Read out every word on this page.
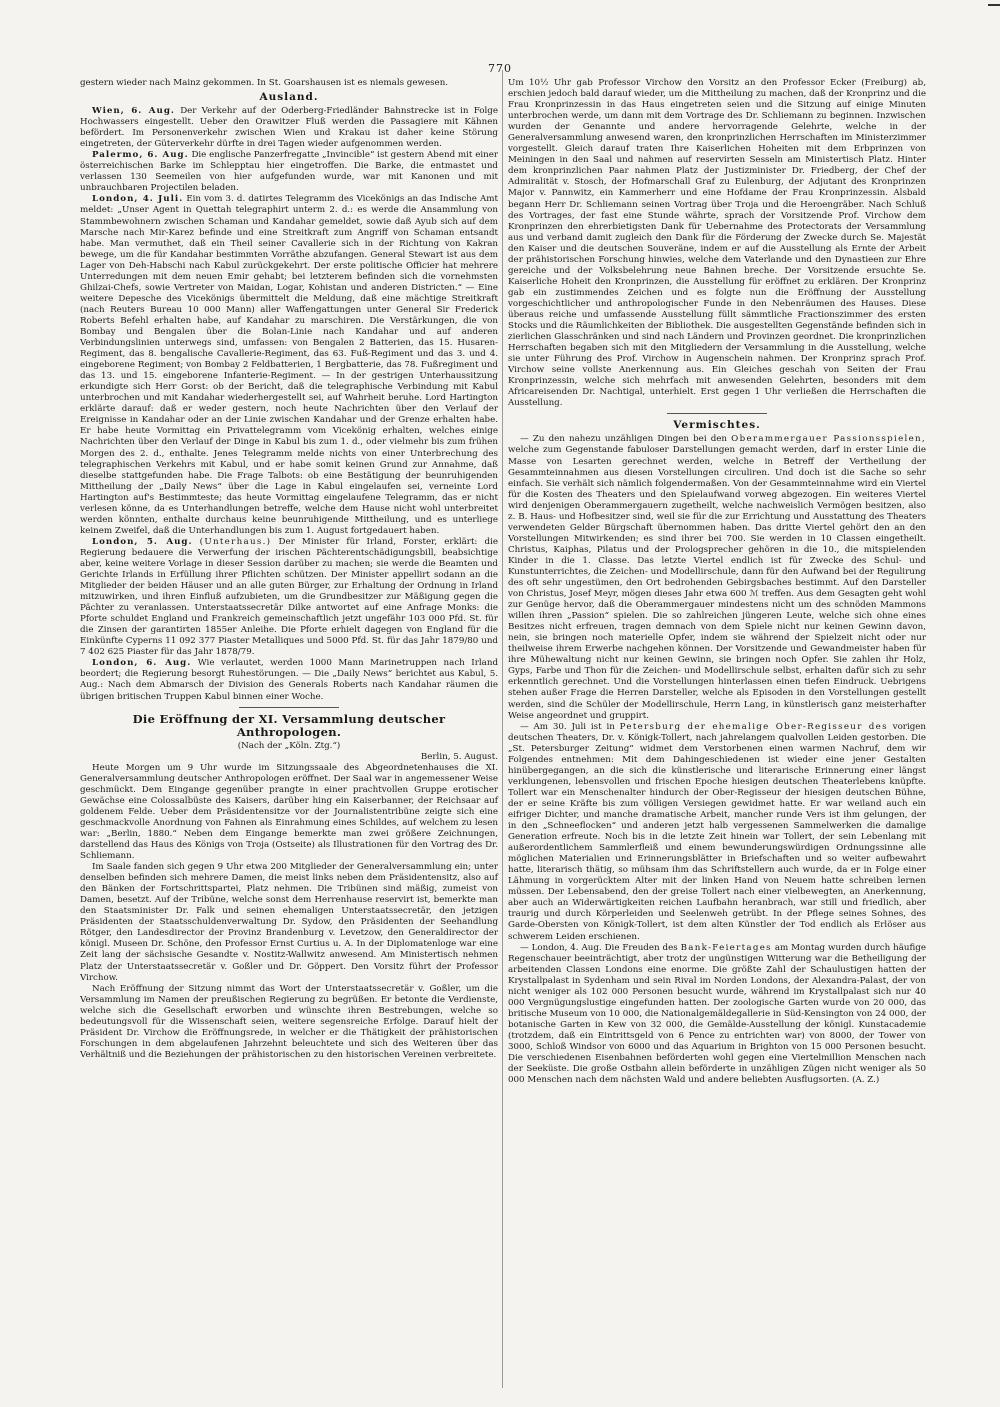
770

gestern wieder nach Mainz gekommen. In St. Goarshausen ist es niemals gewesen.

Ausland.

Wien, 6. Aug. Der Verkehr auf der Oderberg-Friedländer Bahnstrecke ist in Folge Hochwassers eingestellt. Ueber den Orawitzer Fluß werden die Passagiere mit Kähnen befördert. Im Personenverkehr zwischen Wien und Krakau ist daher keine Störung eingetreten, der Güterverkehr dürfte in drei Tagen wieder aufgenommen werden.

Palermo, 6. Aug. Die englische Panzerfregatte „Invincible“ ist gestern Abend mit einer österreichischen Barke im Schlepptau hier eingetroffen. Die Barke, die entmastet und verlassen 130 Seemeilen von hier aufgefunden wurde, war mit Kanonen und mit unbrauchbaren Projectilen beladen.

London, 4. Juli. Ein vom 3. d. datirtes Telegramm des Vicekönigs an das Indische Amt meldet: „Unser Agent in Quettah telegraphirt unterm 2. d.: es werde die Ansammlung von Stammbewohnern zwischen Schaman und Kandahar gemeldet, sowie daß Ayub sich auf dem Marsche nach Mir-Karez befinde und eine Streitkraft zum Angriff von Schaman entsandt habe. Man vermuthet, daß ein Theil seiner Cavallerie sich in der Richtung von Kakran bewege, um die für Kandahar bestimmten Vorräthe abzufangen. General Stewart ist aus dem Lager von Deh-Habschi nach Kabul zurückgekehrt. Der erste politische Officier hat mehrere Unterredungen mit dem neuen Emir gehabt; bei letzterem befinden sich die vornehmsten Ghilzai-Chefs, sowie Vertreter von Maidan, Logar, Kohistan und anderen Districten.“ — Eine weitere Depesche des Vicekönigs übermittelt die Meldung, daß eine mächtige Streitkraft (nach Reuters Bureau 10 000 Mann) aller Waffengattungen unter General Sir Frederick Roberts Befehl erhalten habe, auf Kandahar zu marschiren. Die Verstärkungen, die von Bombay und Bengalen über die Bolan-Linie nach Kandahar und auf anderen Verbindungslinien unterwegs sind, umfassen: von Bengalen 2 Batterien, das 15. Husaren-Regiment, das 8. bengalische Cavallerie-Regiment, das 63. Fuß-Regiment und das 3. und 4. eingeborene Regiment; von Bombay 2 Feldbatterien, 1 Bergbatterie, das 78. Fußregiment und das 13. und 15. eingeborene Infanterie-Regiment. — In der gestrigen Unterhaussitzung erkundigte sich Herr Gorst: ob der Bericht, daß die telegraphische Verbindung mit Kabul unterbrochen und mit Kandahar wiederhergestellt sei, auf Wahrheit beruhe. Lord Hartington erklärte darauf: daß er weder gestern, noch heute Nachrichten über den Verlauf der Ereignisse in Kandahar oder an der Linie zwischen Kandahar und der Grenze erhalten habe. Er habe heute Vormittag ein Privattelegramm vom Vicekönig erhalten, welches einige Nachrichten über den Verlauf der Dinge in Kabul bis zum 1. d., oder vielmehr bis zum frühen Morgen des 2. d., enthalte. Jenes Telegramm melde nichts von einer Unterbrechung des telegraphischen Verkehrs mit Kabul, und er habe somit keinen Grund zur Annahme, daß dieselbe stattgefunden habe. Die Frage Talbots: ob eine Bestätigung der beunruhigenden Mittheilung der „Daily News“ über die Lage in Kabul eingelaufen sei, verneinte Lord Hartington auf's Bestimmteste; das heute Vormittag eingelaufene Telegramm, das er nicht verlesen könne, da es Unterhandlungen betreffe, welche dem Hause nicht wohl unterbreitet werden könnten, enthalte durchaus keine beunruhigende Mittheilung, und es unterliege keinem Zweifel, daß die Unterhandlungen bis zum 1. August fortgedauert haben.

London, 5. Aug. (Unterhaus.) Der Minister für Irland, Forster, erklärt: die Regierung bedauere die Verwerfung der irischen Pächterentschädigungsbill, beabsichtige aber, keine weitere Vorlage in dieser Session darüber zu machen; sie werde die Beamten und Gerichte Irlands in Erfüllung ihrer Pflichten schützen. Der Minister appellirt sodann an die Mitglieder der beiden Häuser und an alle guten Bürger, zur Erhaltung der Ordnung in Irland mitzuwirken, und ihren Einfluß aufzubieten, um die Grundbesitzer zur Mäßigung gegen die Pächter zu veranlassen. Unterstaatssecretär Dilke antwortet auf eine Anfrage Monks: die Pforte schuldet England und Frankreich gemeinschaftlich jetzt ungefähr 103 000 Pfd. St. für die Zinsen der garantirten 1855er Anleihe. Die Pforte erhielt dagegen von England für die Einkünfte Cyperns 11 092 377 Piaster Metalliques und 5000 Pfd. St. für das Jahr 1879/80 und 7 402 625 Piaster für das Jahr 1878/79.

London, 6. Aug. Wie verlautet, werden 1000 Mann Marinetruppen nach Irland beordert; die Regierung besorgt Ruhestörungen. — Die „Daily News“ berichtet aus Kabul, 5. Aug.: Nach dem Abmarsch der Division des Generals Roberts nach Kandahar räumen die übrigen britischen Truppen Kabul binnen einer Woche.

Die Eröffnung der XI. Versammlung deutscher Anthropologen.

(Nach der „Köln. Ztg.“)

Berlin, 5. August.

Heute Morgen um 9 Uhr wurde im Sitzungssaale des Abgeordnetenhauses die XI. Generalversammlung deutscher Anthropologen eröffnet. Der Saal war in angemessener Weise geschmückt. Dem Eingange gegenüber prangte in einer prachtvollen Gruppe erotischer Gewächse eine Colossalbüste des Kaisers, darüber hing ein Kaiserbanner, der Reichsaar auf goldenem Felde. Ueber dem Präsidentensitze vor der Journalistentribüne zeigte sich eine geschmackvolle Anordnung von Fahnen als Einrahmung eines Schildes, auf welchem zu lesen war: „Berlin, 1880.“ Neben dem Eingange bemerkte man zwei größere Zeichnungen, darstellend das Haus des Königs von Troja (Ostseite) als Illustrationen für den Vortrag des Dr. Schliemann.

Im Saale fanden sich gegen 9 Uhr etwa 200 Mitglieder der Generalversammlung ein; unter denselben befinden sich mehrere Damen, die meist links neben dem Präsidentensitz, also auf den Bänken der Fortschrittspartei, Platz nehmen. Die Tribünen sind mäßig, zumeist von Damen, besetzt. Auf der Tribüne, welche sonst dem Herrenhause reservirt ist, bemerkte man den Staatsminister Dr. Falk und seinen ehemaligen Unterstaatssecretär, den jetzigen Präsidenten der Staatsschuldenverwaltung Dr. Sydow, den Präsidenten der Seehandlung Rötger, den Landesdirector der Provinz Brandenburg v. Levetzow, den Generaldirector der königl. Museen Dr. Schöne, den Professor Ernst Curtius u. A. In der Diplomatenloge war eine Zeit lang der sächsische Gesandte v. Nostitz-Wallwitz anwesend. Am Ministertisch nehmen Platz der Unterstaatssecretär v. Goßler und Dr. Göppert. Den Vorsitz führt der Professor Virchow.

Nach Eröffnung der Sitzung nimmt das Wort der Unterstaatssecretär v. Goßler, um die Versammlung im Namen der preußischen Regierung zu begrüßen. Er betonte die Verdienste, welche sich die Gesellschaft erworben und wünschte ihren Bestrebungen, welche so bedeutungsvoll für die Wissenschaft seien, weitere segensreiche Erfolge. Darauf hielt der Präsident Dr. Virchow die Eröffnungsrede, in welcher er die Thätigkeit der prähistorischen Forschungen in dem abgelaufenen Jahrzehnt beleuchtete und sich des Weiteren über das Verhältniß und die Beziehungen der prähistorischen zu den historischen Vereinen verbreitete.

Um 10½ Uhr gab Professor Virchow den Vorsitz an den Professor Ecker (Freiburg) ab, erschien jedoch bald darauf wieder, um die Mittheilung zu machen, daß der Kronprinz und die Frau Kronprinzessin in das Haus eingetreten seien und die Sitzung auf einige Minuten unterbrochen werde, um dann mit dem Vortrage des Dr. Schliemann zu beginnen. Inzwischen wurden der Genannte und andere hervorragende Gelehrte, welche in der Generalversammlung anwesend waren, den kronprinzlichen Herrschaften im Ministerzimmer vorgestellt. Gleich darauf traten Ihre Kaiserlichen Hoheiten mit dem Erbprinzen von Meiningen in den Saal und nahmen auf reservirten Sesseln am Ministertisch Platz. Hinter dem kronprinzlichen Paar nahmen Platz der Justizminister Dr. Friedberg, der Chef der Admiralität v. Stosch, der Hofmarschall Graf zu Eulenburg, der Adjutant des Kronprinzen Major v. Pannwitz, ein Kammerherr und eine Hofdame der Frau Kronprinzessin. Alsbald begann Herr Dr. Schliemann seinen Vortrag über Troja und die Heroengräber. Nach Schluß des Vortrages, der fast eine Stunde währte, sprach der Vorsitzende Prof. Virchow dem Kronprinzen den ehrerbietigsten Dank für Uebernahme des Protectorats der Versammlung aus und verband damit zugleich den Dank für die Förderung der Zwecke durch Se. Majestät den Kaiser und die deutschen Souveräne, indem er auf die Ausstellung als Ernte der Arbeit der prähistorischen Forschung hinwies, welche dem Vaterlande und den Dynastieen zur Ehre gereiche und der Volksbelehrung neue Bahnen breche. Der Vorsitzende ersuchte Se. Kaiserliche Hoheit den Kronprinzen, die Ausstellung für eröffnet zu erklären. Der Kronprinz gab ein zustimmendes Zeichen und es folgte nun die Eröffnung der Ausstellung vorgeschichtlicher und anthropologischer Funde in den Nebenräumen des Hauses. Diese überaus reiche und umfassende Ausstellung füllt sämmtliche Fractionszimmer des ersten Stocks und die Räumlichkeiten der Bibliothek. Die ausgestellten Gegenstände befinden sich in zierlichen Glasschränken und sind nach Ländern und Provinzen geordnet. Die kronprinzlichen Herrschaften begaben sich mit den Mitgliedern der Versammlung in die Ausstellung, welche sie unter Führung des Prof. Virchow in Augenschein nahmen. Der Kronprinz sprach Prof. Virchow seine vollste Anerkennung aus. Ein Gleiches geschah von Seiten der Frau Kronprinzessin, welche sich mehrfach mit anwesenden Gelehrten, besonders mit dem Africareisenden Dr. Nachtigal, unterhielt. Erst gegen 1 Uhr verließen die Herrschaften die Ausstellung.

Vermischtes.

— Zu den nahezu unzähligen Dingen bei den Oberammergauer Passionsspielen, welche zum Gegenstande fabuloser Darstellungen gemacht werden, darf in erster Linie die Masse von Lesarten gerechnet werden, welche in Betreff der Vertheilung der Gesammteinnahmen aus diesen Vorstellungen circuliren. Und doch ist die Sache so sehr einfach. Sie verhält sich nämlich folgendermaßen. Von der Gesammteinnahme wird ein Viertel für die Kosten des Theaters und den Spielaufwand vorweg abgezogen. Ein weiteres Viertel wird denjenigen Oberammergauern zugetheilt, welche nachweislich Vermögen besitzen, also z. B. Haus- und Hofbesitzer sind, weil sie für die zur Errichtung und Ausstattung des Theaters verwendeten Gelder Bürgschaft übernommen haben. Das dritte Viertel gehört den an den Vorstellungen Mitwirkenden; es sind ihrer bei 700. Sie werden in 10 Classen eingetheilt. Christus, Kaiphas, Pilatus und der Prologsprecher gehören in die 10., die mitspielenden Kinder in die 1. Classe. Das letzte Viertel endlich ist für Zwecke des Schul- und Kunstunterrichtes, die Zeichen- und Modellirschule, dann für den Aufwand bei der Regulirung des oft sehr ungestümen, den Ort bedrohenden Gebirgsbaches bestimmt. Auf den Darsteller von Christus, Josef Meyr, mögen dieses Jahr etwa 600 ℳ treffen. Aus dem Gesagten geht wohl zur Genüge hervor, daß die Oberammergauer mindestens nicht um des schnöden Mammons willen ihren „Passion“ spielen. Die so zahlreichen jüngeren Leute, welche sich ohne eines Besitzes nicht erfreuen, tragen demnach von dem Spiele nicht nur keinen Gewinn davon, nein, sie bringen noch materielle Opfer, indem sie während der Spielzeit nicht oder nur theilweise ihrem Erwerbe nachgehen können. Der Vorsitzende und Gewandmeister haben für ihre Mühewaltung nicht nur keinen Gewinn, sie bringen noch Opfer. Sie zahlen ihr Holz, Gyps, Farbe und Thon für die Zeichen- und Modellirschule selbst, erhalten dafür sich zu sehr erkenntlich gerechnet. Und die Vorstellungen hinterlassen einen tiefen Eindruck. Uebrigens stehen außer Frage die Herren Darsteller, welche als Episoden in den Vorstellungen gestellt werden, sind die Schüler der Modellirschule, Herrn Lang, in künstlerisch ganz meisterhafter Weise angeordnet und gruppirt.

— Am 30. Juli ist in Petersburg der ehemalige Ober-Regisseur des vorigen deutschen Theaters, Dr. v. Königk-Tollert, nach jahrelangem qualvollen Leiden gestorben. Die „St. Petersburger Zeitung“ widmet dem Verstorbenen einen warmen Nachruf, dem wir Folgendes entnehmen: Mit dem Dahingeschiedenen ist wieder eine jener Gestalten hinübergegangen, an die sich die künstlerische und literarische Erinnerung einer längst verklungenen, lebensvollen und frischen Epoche hiesigen deutschen Theaterlebens knüpfte. Tollert war ein Menschenalter hindurch der Ober-Regisseur der hiesigen deutschen Bühne, der er seine Kräfte bis zum völligen Versiegen gewidmet hatte. Er war weiland auch ein eifriger Dichter, und manche dramatische Arbeit, mancher runde Vers ist ihm gelungen, der in den „Schneeflocken“ und anderen jetzt halb vergessenen Sammelwerken die damalige Generation erfreute. Noch bis in die letzte Zeit hinein war Tollert, der sein Lebenlang mit außerordentlichem Sammlerfleiß und einem bewunderungswürdigen Ordnungssinne alle möglichen Materialien und Erinnerungsblätter in Briefschaften und so weiter aufbewahrt hatte, literarisch thätig, so mühsam ihm das Schriftstellern auch wurde, da er in Folge einer Lähmung in vorgerücktem Alter mit der linken Hand von Neuem hatte schreiben lernen müssen. Der Lebensabend, den der greise Tollert nach einer vielbewegten, an Anerkennung, aber auch an Widerwärtigkeiten reichen Laufbahn heranbrach, war still und friedlich, aber traurig und durch Körperleiden und Seelenweh getrübt. In der Pflege seines Sohnes, des Garde-Obersten von Königk-Tollert, ist dem alten Künstler der Tod endlich als Erlöser aus schwerem Leiden erschienen.

— London, 4. Aug. Die Freuden des Bank-Feiertages am Montag wurden durch häufige Regenschauer beeinträchtigt, aber trotz der ungünstigen Witterung war die Betheiligung der arbeitenden Classen Londons eine enorme. Die größte Zahl der Schaulustigen hatten der Krystallpalast in Sydenham und sein Rival im Norden Londons, der Alexandra-Palast, der von nicht weniger als 102 000 Personen besucht wurde, während im Krystallpalast sich nur 40 000 Vergnügungslustige eingefunden hatten. Der zoologische Garten wurde von 20 000, das britische Museum von 10 000, die Nationalgemäldegallerie in Süd-Kensington von 24 000, der botanische Garten in Kew von 32 000, die Gemälde-Ausstellung der königl. Kunstacademie (trotzdem, daß ein Eintrittsgeld von 6 Pence zu entrichten war) von 8000, der Tower von 3000, Schloß Windsor von 6000 und das Aquarium in Brighton von 15 000 Personen besucht. Die verschiedenen Eisenbahnen beförderten wohl gegen eine Viertelmillion Menschen nach der Seeküste. Die große Ostbahn allein beförderte in unzähligen Zügen nicht weniger als 50 000 Menschen nach dem nächsten Wald und andere beliebten Ausflugsorten. (A. Z.)
